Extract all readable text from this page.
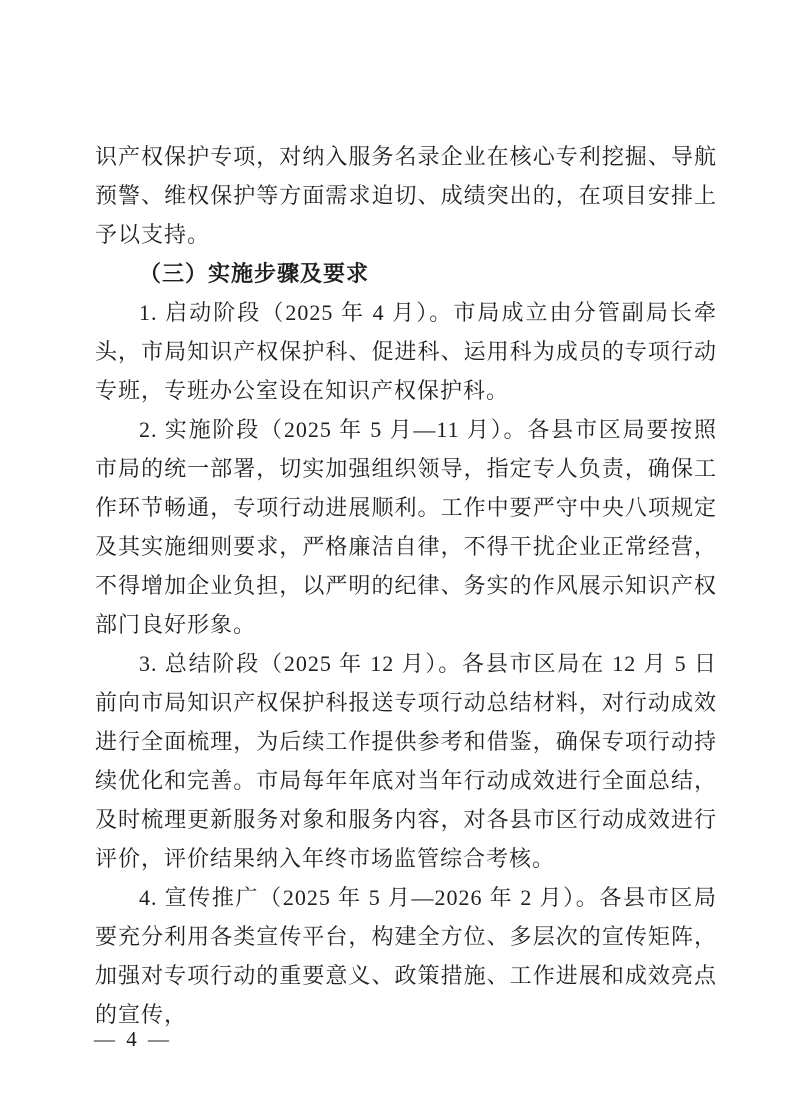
识产权保护专项，对纳入服务名录企业在核心专利挖掘、导航预警、维权保护等方面需求迫切、成绩突出的，在项目安排上予以支持。

（三）实施步骤及要求

1. 启动阶段（2025 年 4 月）。市局成立由分管副局长牵头，市局知识产权保护科、促进科、运用科为成员的专项行动专班，专班办公室设在知识产权保护科。

2. 实施阶段（2025 年 5 月—11 月）。各县市区局要按照市局的统一部署，切实加强组织领导，指定专人负责，确保工作环节畅通，专项行动进展顺利。工作中要严守中央八项规定及其实施细则要求，严格廉洁自律，不得干扰企业正常经营，不得增加企业负担，以严明的纪律、务实的作风展示知识产权部门良好形象。

3. 总结阶段（2025 年 12 月）。各县市区局在 12 月 5 日前向市局知识产权保护科报送专项行动总结材料，对行动成效进行全面梳理，为后续工作提供参考和借鉴，确保专项行动持续优化和完善。市局每年年底对当年行动成效进行全面总结，及时梳理更新服务对象和服务内容，对各县市区行动成效进行评价，评价结果纳入年终市场监管综合考核。

4. 宣传推广（2025 年 5 月—2026 年 2 月）。各县市区局要充分利用各类宣传平台，构建全方位、多层次的宣传矩阵，加强对专项行动的重要意义、政策措施、工作进展和成效亮点的宣传，

— 4 —
